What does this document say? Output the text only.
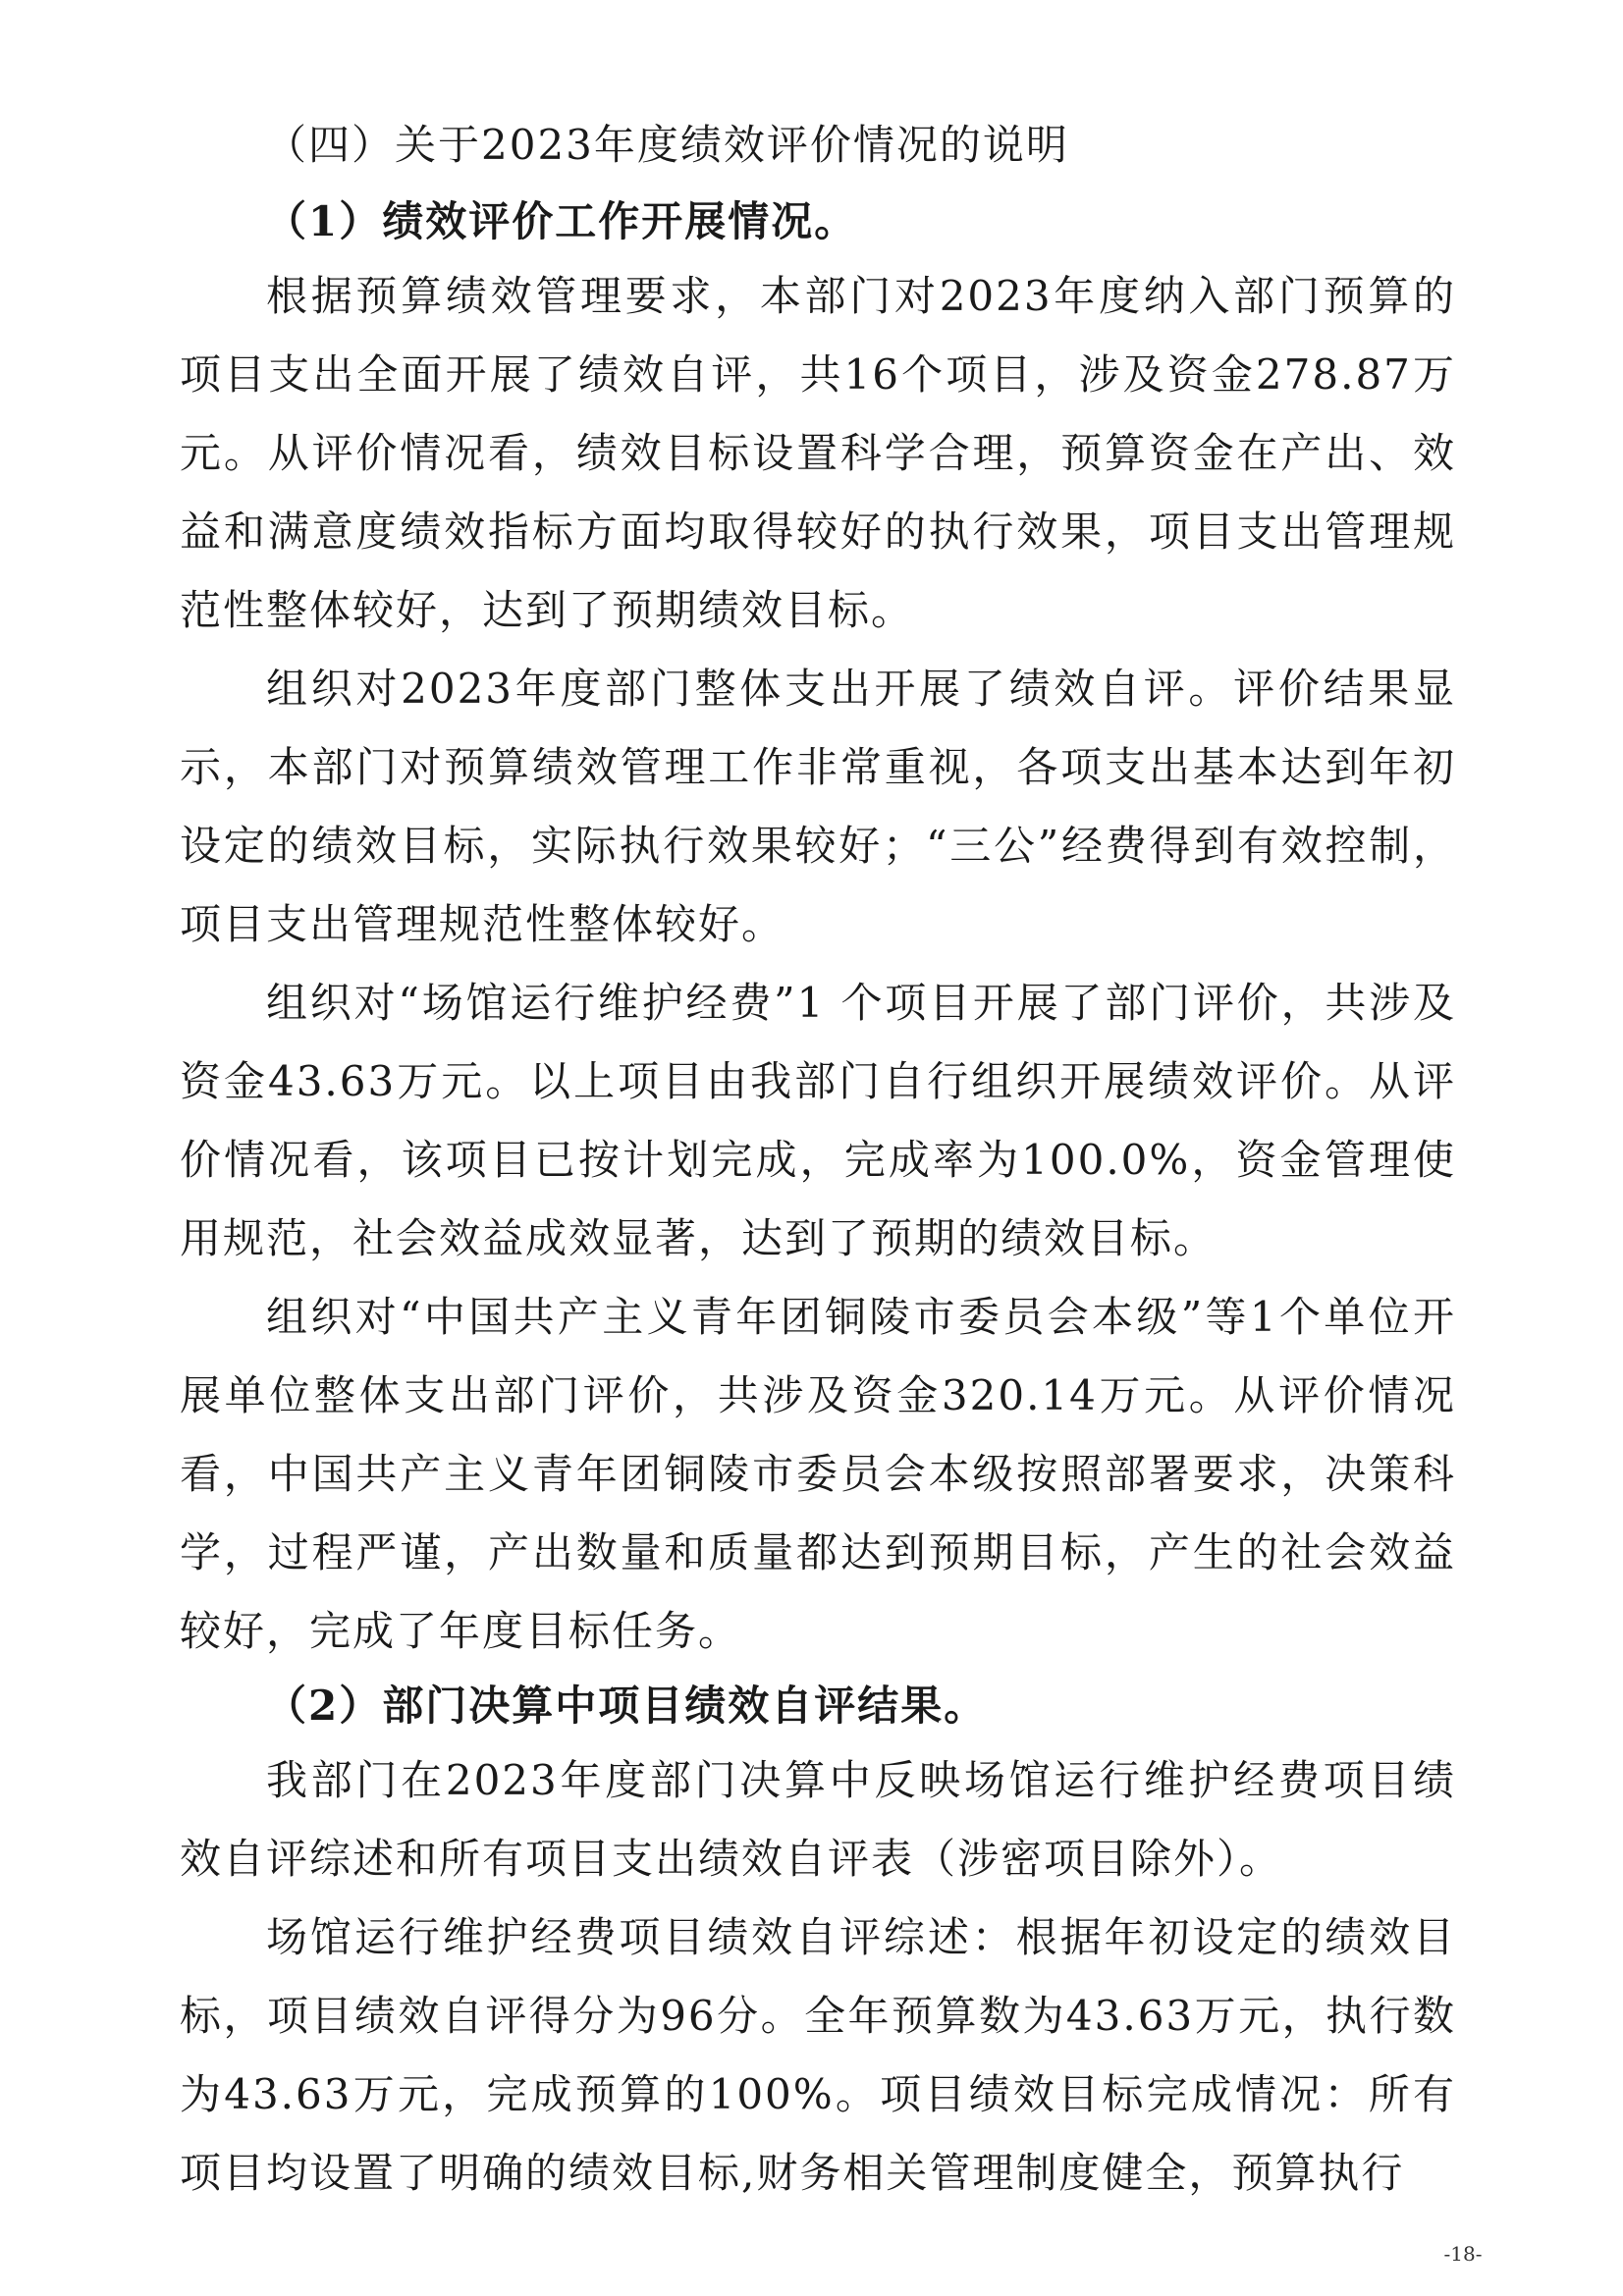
（四）关于2023年度绩效评价情况的说明

（1）绩效评价工作开展情况。

根据预算绩效管理要求，本部门对2023年度纳入部门预算的项目支出全面开展了绩效自评，共16个项目，涉及资金278.87万元。从评价情况看，绩效目标设置科学合理，预算资金在产出、效益和满意度绩效指标方面均取得较好的执行效果，项目支出管理规范性整体较好，达到了预期绩效目标。

组织对2023年度部门整体支出开展了绩效自评。评价结果显示，本部门对预算绩效管理工作非常重视，各项支出基本达到年初设定的绩效目标，实际执行效果较好；“三公”经费得到有效控制，项目支出管理规范性整体较好。

组织对“场馆运行维护经费”1 个项目开展了部门评价，共涉及资金43.63万元。以上项目由我部门自行组织开展绩效评价。从评价情况看，该项目已按计划完成，完成率为100.0%，资金管理使用规范，社会效益成效显著，达到了预期的绩效目标。

组织对“中国共产主义青年团铜陵市委员会本级”等1个单位开展单位整体支出部门评价，共涉及资金320.14万元。从评价情况看，中国共产主义青年团铜陵市委员会本级按照部署要求，决策科学，过程严谨，产出数量和质量都达到预期目标，产生的社会效益较好，完成了年度目标任务。

（2）部门决算中项目绩效自评结果。

我部门在2023年度部门决算中反映场馆运行维护经费项目绩效自评综述和所有项目支出绩效自评表（涉密项目除外）。

场馆运行维护经费项目绩效自评综述：根据年初设定的绩效目标，项目绩效自评得分为96分。全年预算数为43.63万元，执行数为43.63万元，完成预算的100%。项目绩效目标完成情况：所有项目均设置了明确的绩效目标,财务相关管理制度健全，预算执行

-18-
